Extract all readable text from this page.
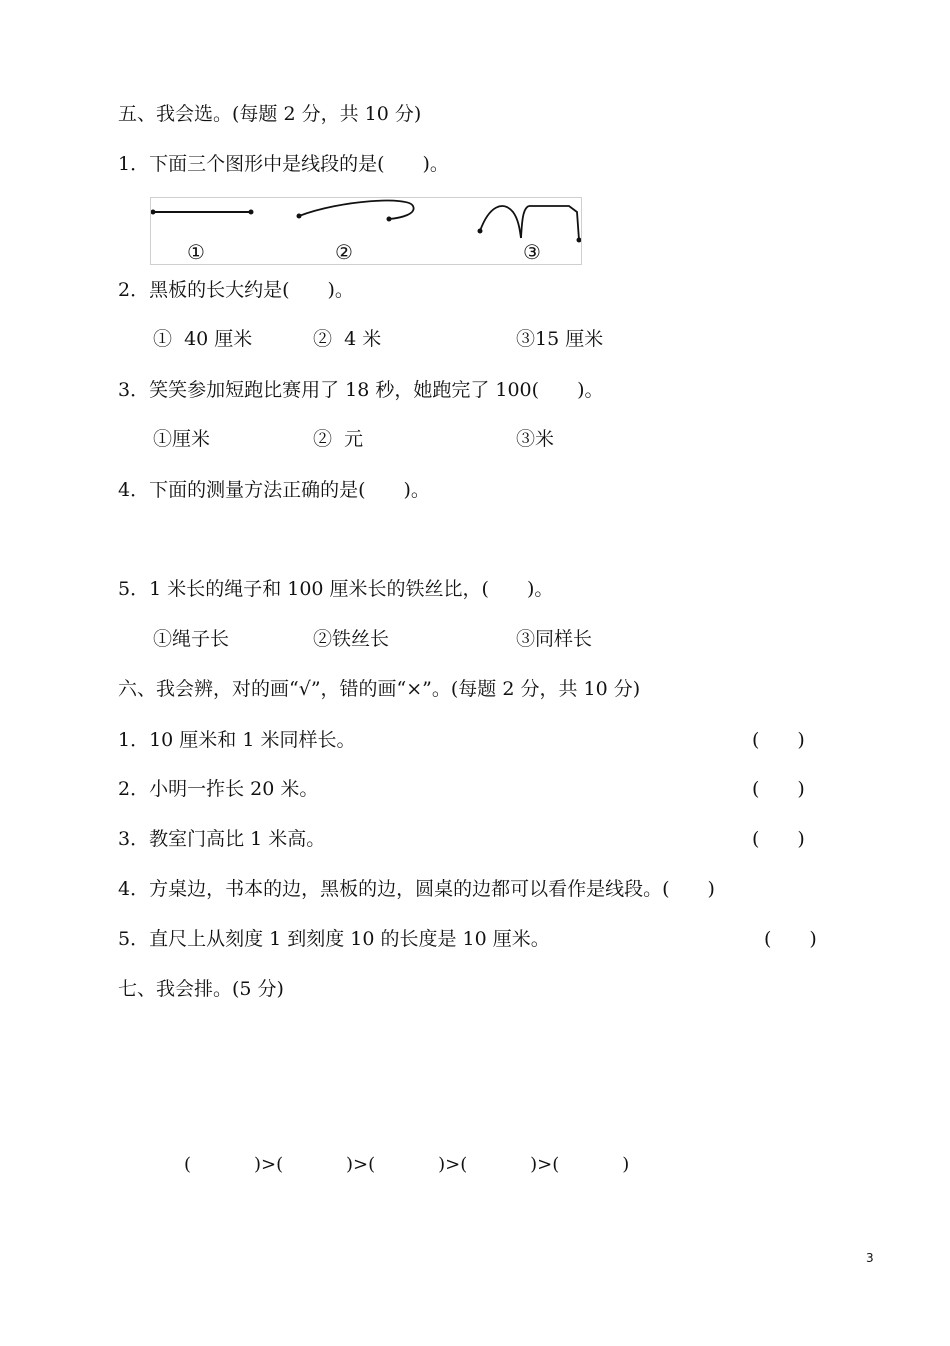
五、我会选。(每题 2 分，共 10 分)
1．下面三个图形中是线段的是(　　)。
①	②	③
2．黑板的长大约是(　　)。
①  40 厘米	②  4 米	③15 厘米
3．笑笑参加短跑比赛用了 18 秒，她跑完了 100(　　)。
①厘米	②  元	③米
4．下面的测量方法正确的是(　　)。
5．1 米长的绳子和 100 厘米长的铁丝比，(　　)。
①绳子长	②铁丝长	③同样长
六、我会辨，对的画“√”，错的画“×”。(每题 2 分，共 10 分)
1．10 厘米和 1 米同样长。	(　　)
2．小明一拃长 20 米。	(　　)
3．教室门高比 1 米高。	(　　)
4．方桌边，书本的边，黑板的边，圆桌的边都可以看作是线段。(　　)
5．直尺上从刻度 1 到刻度 10 的长度是 10 厘米。	(　　)
七、我会排。(5 分)
(           )>(           )>(           )>(           )>(           )
3
